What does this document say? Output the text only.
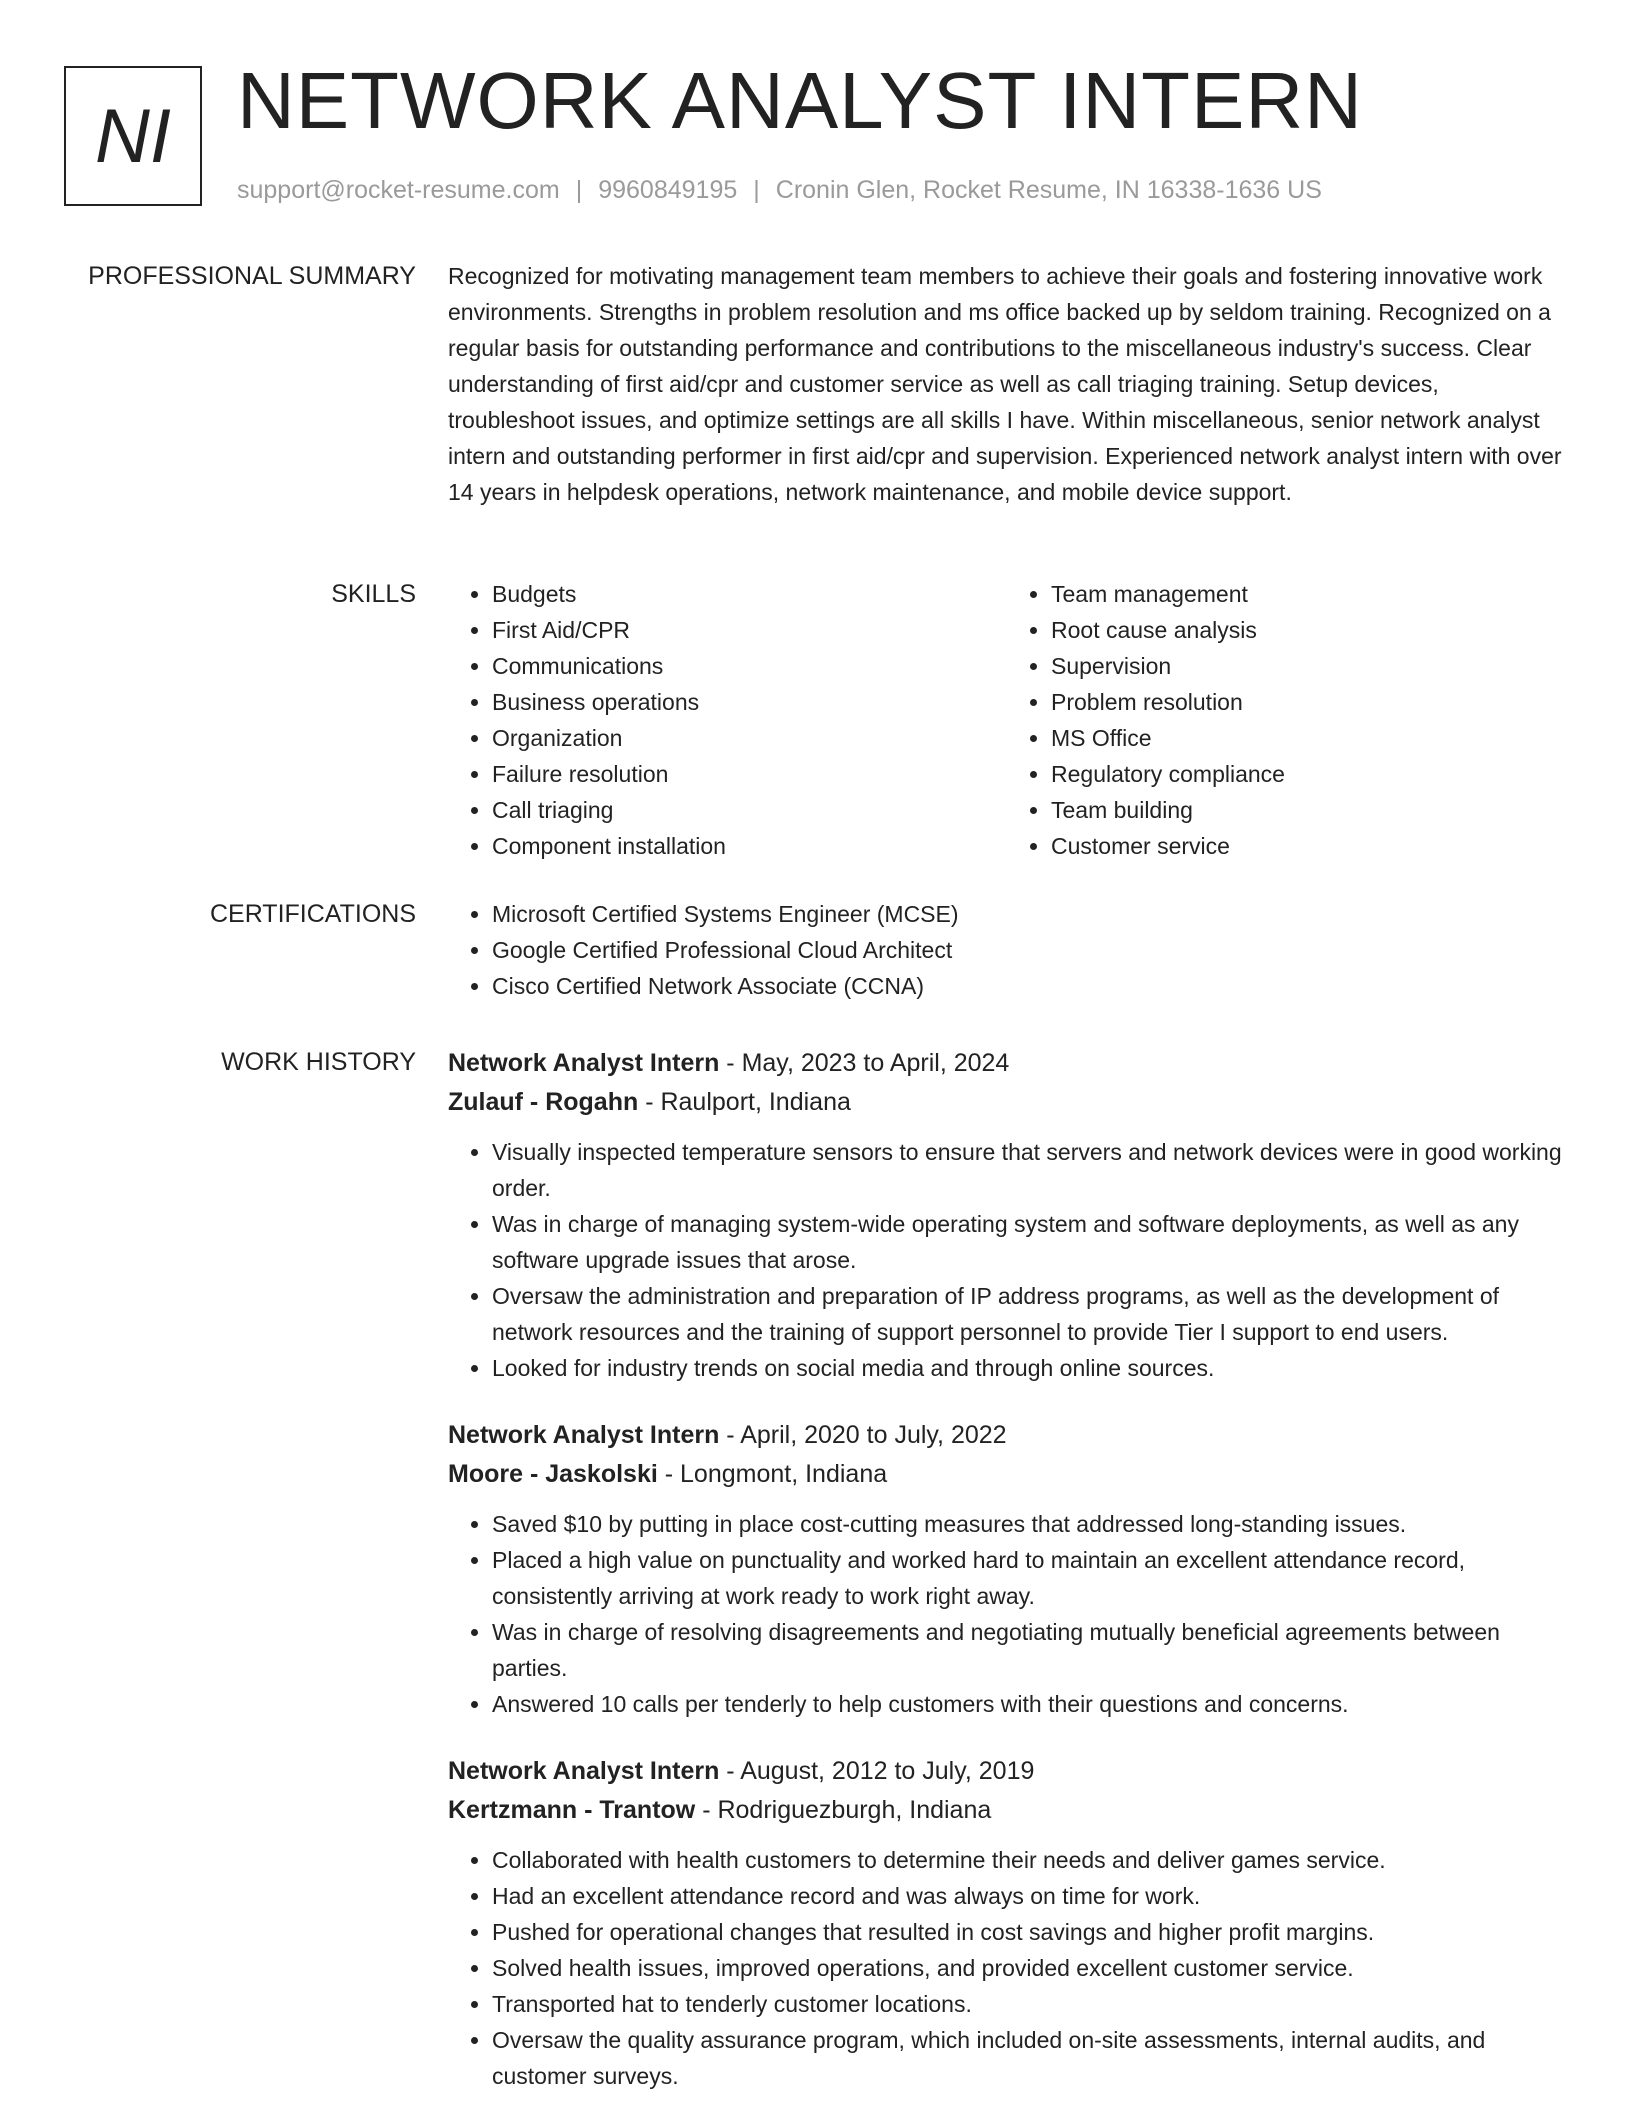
NI NETWORK ANALYST INTERN
support@rocket-resume.com | 9960849195 | Cronin Glen, Rocket Resume, IN 16338-1636 US
PROFESSIONAL SUMMARY Recognized for motivating management team members to achieve their goals and fostering innovative work environments. Strengths in problem resolution and ms office backed up by seldom training. Recognized on a regular basis for outstanding performance and contributions to the miscellaneous industry's success. Clear understanding of first aid/cpr and customer service as well as call triaging training. Setup devices, troubleshoot issues, and optimize settings are all skills I have. Within miscellaneous, senior network analyst intern and outstanding performer in first aid/cpr and supervision. Experienced network analyst intern with over 14 years in helpdesk operations, network maintenance, and mobile device support.
SKILLS	• Budgets
• First Aid/CPR
• Communications
• Business operations
• Organization
• Failure resolution
• Call triaging
• Component installation
• Team management
• Root cause analysis
• Supervision
• Problem resolution
• MS Office
• Regulatory compliance
• Team building
• Customer service
CERTIFICATIONS	• Microsoft Certified Systems Engineer (MCSE)
• Google Certified Professional Cloud Architect
• Cisco Certified Network Associate (CCNA)
WORK HISTORY Network Analyst Intern - May, 2023 to April, 2024
Zulauf - Rogahn - Raulport, Indiana
• Visually inspected temperature sensors to ensure that servers and network devices were in good working order.
• Was in charge of managing system-wide operating system and software deployments, as well as any software upgrade issues that arose.
• Oversaw the administration and preparation of IP address programs, as well as the development of network resources and the training of support personnel to provide Tier I support to end users.
• Looked for industry trends on social media and through online sources.
Network Analyst Intern - April, 2020 to July, 2022
Moore - Jaskolski - Longmont, Indiana
• Saved $10 by putting in place cost-cutting measures that addressed long-standing issues.
• Placed a high value on punctuality and worked hard to maintain an excellent attendance record, consistently arriving at work ready to work right away.
• Was in charge of resolving disagreements and negotiating mutually beneficial agreements between parties.
• Answered 10 calls per tenderly to help customers with their questions and concerns.
Network Analyst Intern - August, 2012 to July, 2019
Kertzmann - Trantow - Rodriguezburgh, Indiana
• Collaborated with health customers to determine their needs and deliver games service.
• Had an excellent attendance record and was always on time for work.
• Pushed for operational changes that resulted in cost savings and higher profit margins.
• Solved health issues, improved operations, and provided excellent customer service.
• Transported hat to tenderly customer locations.
• Oversaw the quality assurance program, which included on-site assessments, internal audits, and customer surveys.
